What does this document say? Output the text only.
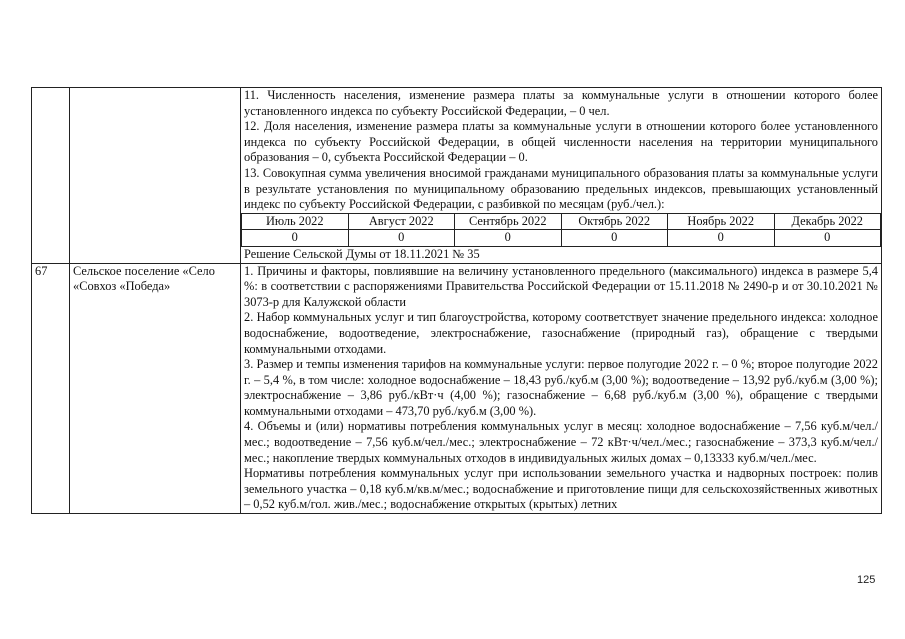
11. Численность населения, изменение размера платы за коммунальные услуги в отношении которого более установленного индекса по субъекту Российской Федерации, – 0 чел.

12. Доля населения, изменение размера платы за коммунальные услуги в отношении которого более установленного индекса по субъекту Российской Федерации, в общей численности населения на территории муниципального образования – 0, субъекта Российской Федерации – 0.

13. Совокупная сумма увеличения вносимой гражданами муниципального образования платы за коммунальные услуги в результате установления по муниципальному образованию предельных индексов, превышающих установленный индекс по субъекту Российской Федерации, с разбивкой по месяцам (руб./чел.):

Июль 2022	Август 2022	Сентябрь 2022	Октябрь 2022	Ноябрь 2022	Декабрь 2022
0	0	0	0	0	0

Решение Сельской Думы от 18.11.2021 № 35

67	Сельское поселение «Село «Совхоз «Победа»	

1. Причины и факторы, повлиявшие на величину установленного предельного (максимального) индекса в размере 5,4 %: в соответствии с распоряжениями Правительства Российской Федерации от 15.11.2018 № 2490-р и от 30.10.2021 № 3073-р для Калужской области

2. Набор коммунальных услуг и тип благоустройства, которому соответствует значение предельного индекса: холодное водоснабжение, водоотведение, электроснабжение, газоснабжение (природный газ), обращение с твердыми коммунальными отходами.

3. Размер и темпы изменения тарифов на коммунальные услуги: первое полугодие 2022 г. – 0 %; второе полугодие 2022 г. – 5,4 %, в том числе: холодное водоснабжение – 18,43 руб./куб.м (3,00 %); водоотведение – 13,92 руб./куб.м (3,00 %); электроснабжение – 3,86 руб./кВт·ч (4,00 %); газоснабжение – 6,68 руб./куб.м (3,00 %), обращение с твердыми коммунальными отходами – 473,70 руб./куб.м (3,00 %).

4. Объемы и (или) нормативы потребления коммунальных услуг в месяц: холодное водоснабжение – 7,56 куб.м/чел./мес.; водоотведение – 7,56 куб.м/чел./мес.; электроснабжение – 72 кВт·ч/чел./мес.; газоснабжение – 373,3 куб.м/чел./мес.; накопление твердых коммунальных отходов в индивидуальных жилых домах – 0,13333 куб.м/чел./мес.

Нормативы потребления коммунальных услуг при использовании земельного участка и надворных построек: полив земельного участка – 0,18 куб.м/кв.м/мес.; водоснабжение и приготовление пищи для сельскохозяйственных животных – 0,52 куб.м/гол. жив./мес.; водоснабжение открытых (крытых) летних

125
